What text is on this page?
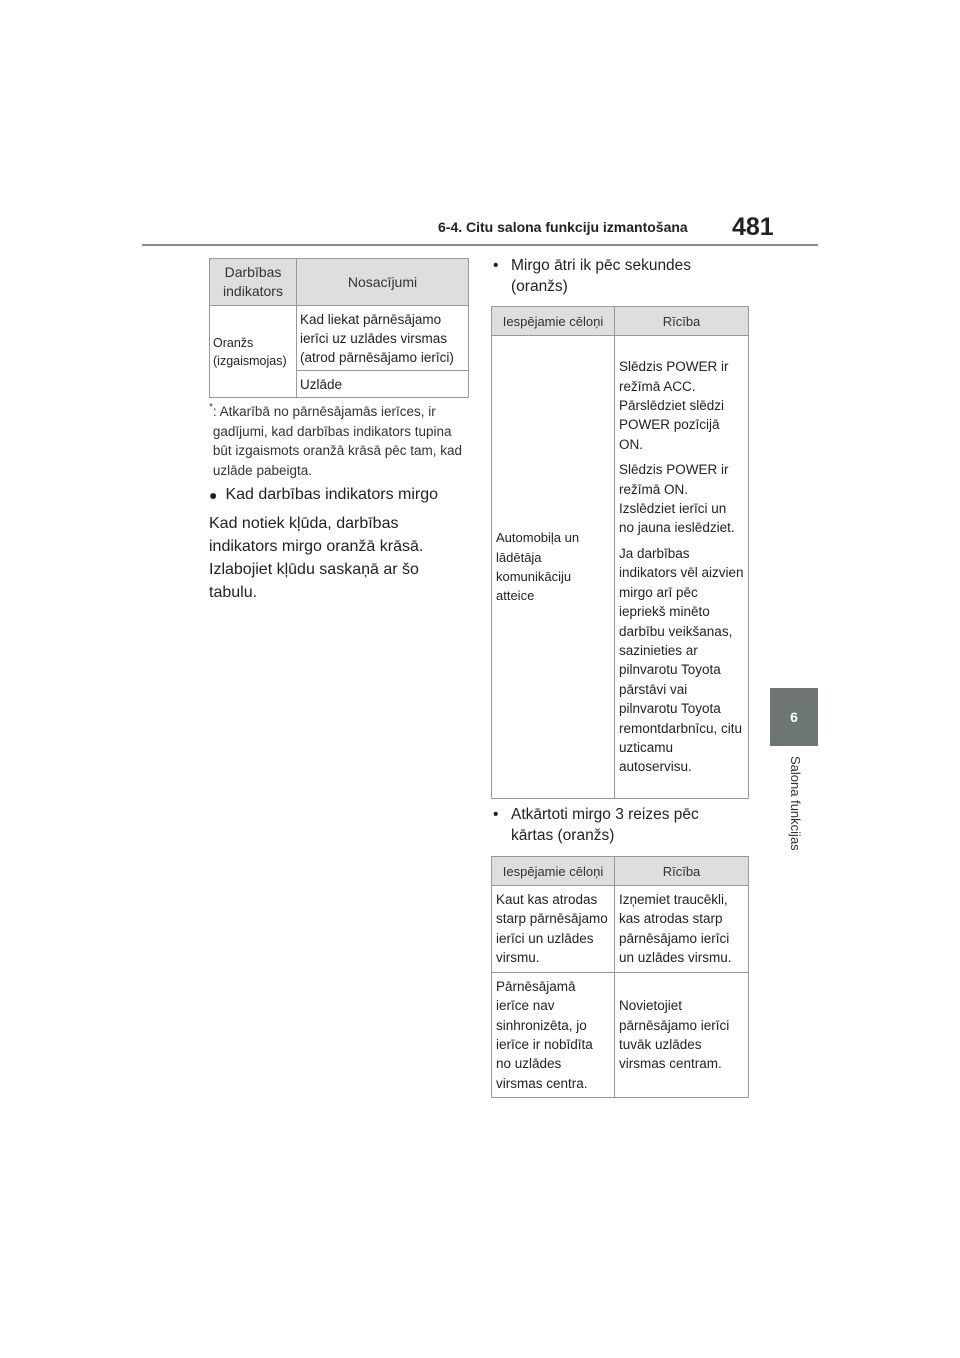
6-4. Citu salona funkciju izmantošana 481
6
Salona funkcijas
Darbības indikators	Nosacījumi

Oranžs
(izgaismojas)	Kad liekat pārnēsājamo ierīci uz uzlādes virsmas (atrod pārnēsājamo ierīci)
	Uzlāde
* : Atkarībā no pārnēsājamās ierīces, ir gadījumi, kad darbības indikators tupina būt izgaismots oranžā krāsā pēc tam, kad uzlāde pabeigta.
● Kad darbības indikators mirgo
Kad notiek kļūda, darbības indikators mirgo oranžā krāsā. Izlabojiet kļūdu saskaņā ar šo tabulu.
• Mirgo ātri ik pēc sekundes (oranžs)
Iespējamie cēloņi	Rīcība
Automobiļa un lādētāja komunikāciju atteice	Slēdzis POWER ir režīmā ACC. Pārslēdziet slēdzi POWER pozīcijā ON.

Slēdzis POWER ir režīmā ON. Izslēdziet ierīci un no jauna ieslēdziet.

Ja darbības indikators vēl aizvien mirgo arī pēc iepriekš minēto darbību veikšanas, sazinieties ar pilnvarotu Toyota pārstāvi vai pilnvarotu Toyota remontdarbnīcu, citu uzticamu autoservisu.

• Atkārtoti mirgo 3 reizes pēc kārtas (oranžs)
Iespējamie cēloņi	Rīcība
Kaut kas atrodas starp pārnēsājamo ierīci un uzlādes virsmu.	Izņemiet traucēkli, kas atrodas starp pārnēsājamo ierīci un uzlādes virsmu.
Pārnēsājamā ierīce nav sinhronizēta, jo ierīce ir nobīdīta no uzlādes virsmas centra.	Novietojiet pārnēsājamo ierīci tuvāk uzlādes virsmas centram.
